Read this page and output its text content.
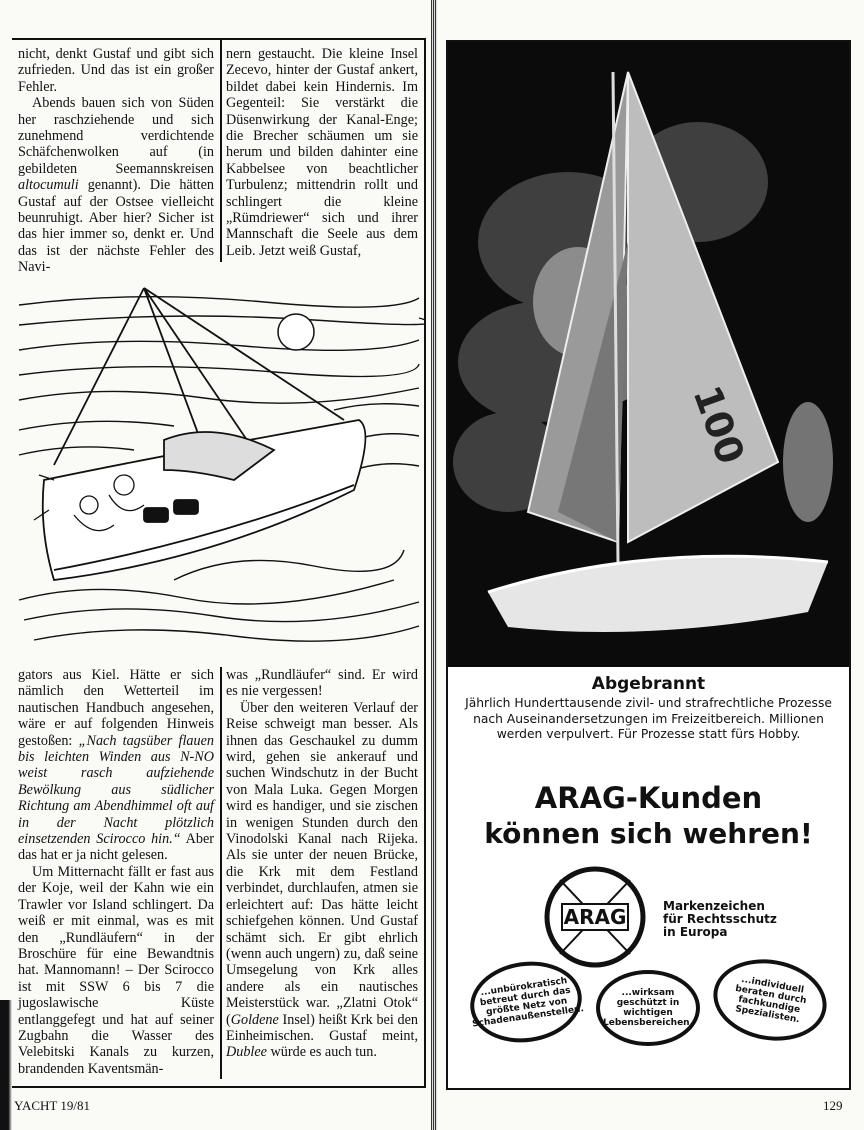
nicht, denkt Gustaf und gibt sich zufrieden. Und das ist ein großer Fehler.

Abends bauen sich von Süden her raschziehende und sich zunehmend verdichtende Schäfchenwolken auf (in gebildeten Seemannskreisen altocumuli genannt). Die hätten Gustaf auf der Ostsee vielleicht beunruhigt. Aber hier? Sicher ist das hier immer so, denkt er. Und das ist der nächste Fehler des Navi-

nern gestaucht. Die kleine Insel Zecevo, hinter der Gustaf ankert, bildet dabei kein Hindernis. Im Gegenteil: Sie verstärkt die Düsenwirkung der Kanal-Enge; die Brecher schäumen um sie herum und bilden dahinter eine Kabbelsee von beachtlicher Turbulenz; mittendrin rollt und schlingert die kleine „Rümdriewer“ sich und ihrer Mannschaft die Seele aus dem Leib. Jetzt weiß Gustaf,

gators aus Kiel. Hätte er sich nämlich den Wetterteil im nautischen Handbuch angesehen, wäre er auf folgenden Hinweis gestoßen: „Nach tagsüber flauen bis leichten Winden aus N-NO weist rasch aufziehende Bewölkung aus südlicher Richtung am Abendhimmel oft auf in der Nacht plötzlich einsetzenden Scirocco hin.“ Aber das hat er ja nicht gelesen.

Um Mitternacht fällt er fast aus der Koje, weil der Kahn wie ein Trawler vor Island schlingert. Da weiß er mit einmal, was es mit den „Rundläufern“ in der Broschüre für eine Bewandtnis hat. Mannomann! – Der Scirocco ist mit SSW 6 bis 7 die jugoslawische Küste entlanggefegt und hat auf seiner Zugbahn die Wasser des Velebitski Kanals zu kurzen, brandenden Kaventsmän-

was „Rundläufer“ sind. Er wird es nie vergessen!

Über den weiteren Verlauf der Reise schweigt man besser. Als ihnen das Geschaukel zu dumm wird, gehen sie ankerauf und suchen Windschutz in der Bucht von Mala Luka. Gegen Morgen wird es handiger, und sie zischen in wenigen Stunden durch den Vinodolski Kanal nach Rijeka. Als sie unter der neuen Brücke, die Krk mit dem Festland verbindet, durchlaufen, atmen sie erleichtert auf: Das hätte leicht schiefgehen können. Und Gustaf schämt sich. Er gibt ehrlich (wenn auch ungern) zu, daß seine Umsegelung von Krk alles andere als ein nautisches Meisterstück war. „Zlatni Otok“ (Goldene Insel) heißt Krk bei den Einheimischen. Gustaf meint, Dublee würde es auch tun.

100
Abgebrannt
Jährlich Hunderttausende zivil- und strafrechtliche Prozesse nach Auseinandersetzungen im Freizeitbereich. Millionen werden verpulvert. Für Prozesse statt fürs Hobby.
ARAG-Kunden
können sich wehren!
ARAG	Markenzeichen
für Rechtsschutz
in Europa
...unbürokratisch betreut durch das größte Netz von Schadenaußenstellen.
...wirksam geschützt in wichtigen Lebensbereichen.
...individuell beraten durch fachkundige Spezialisten.
YACHT 19/81	129
